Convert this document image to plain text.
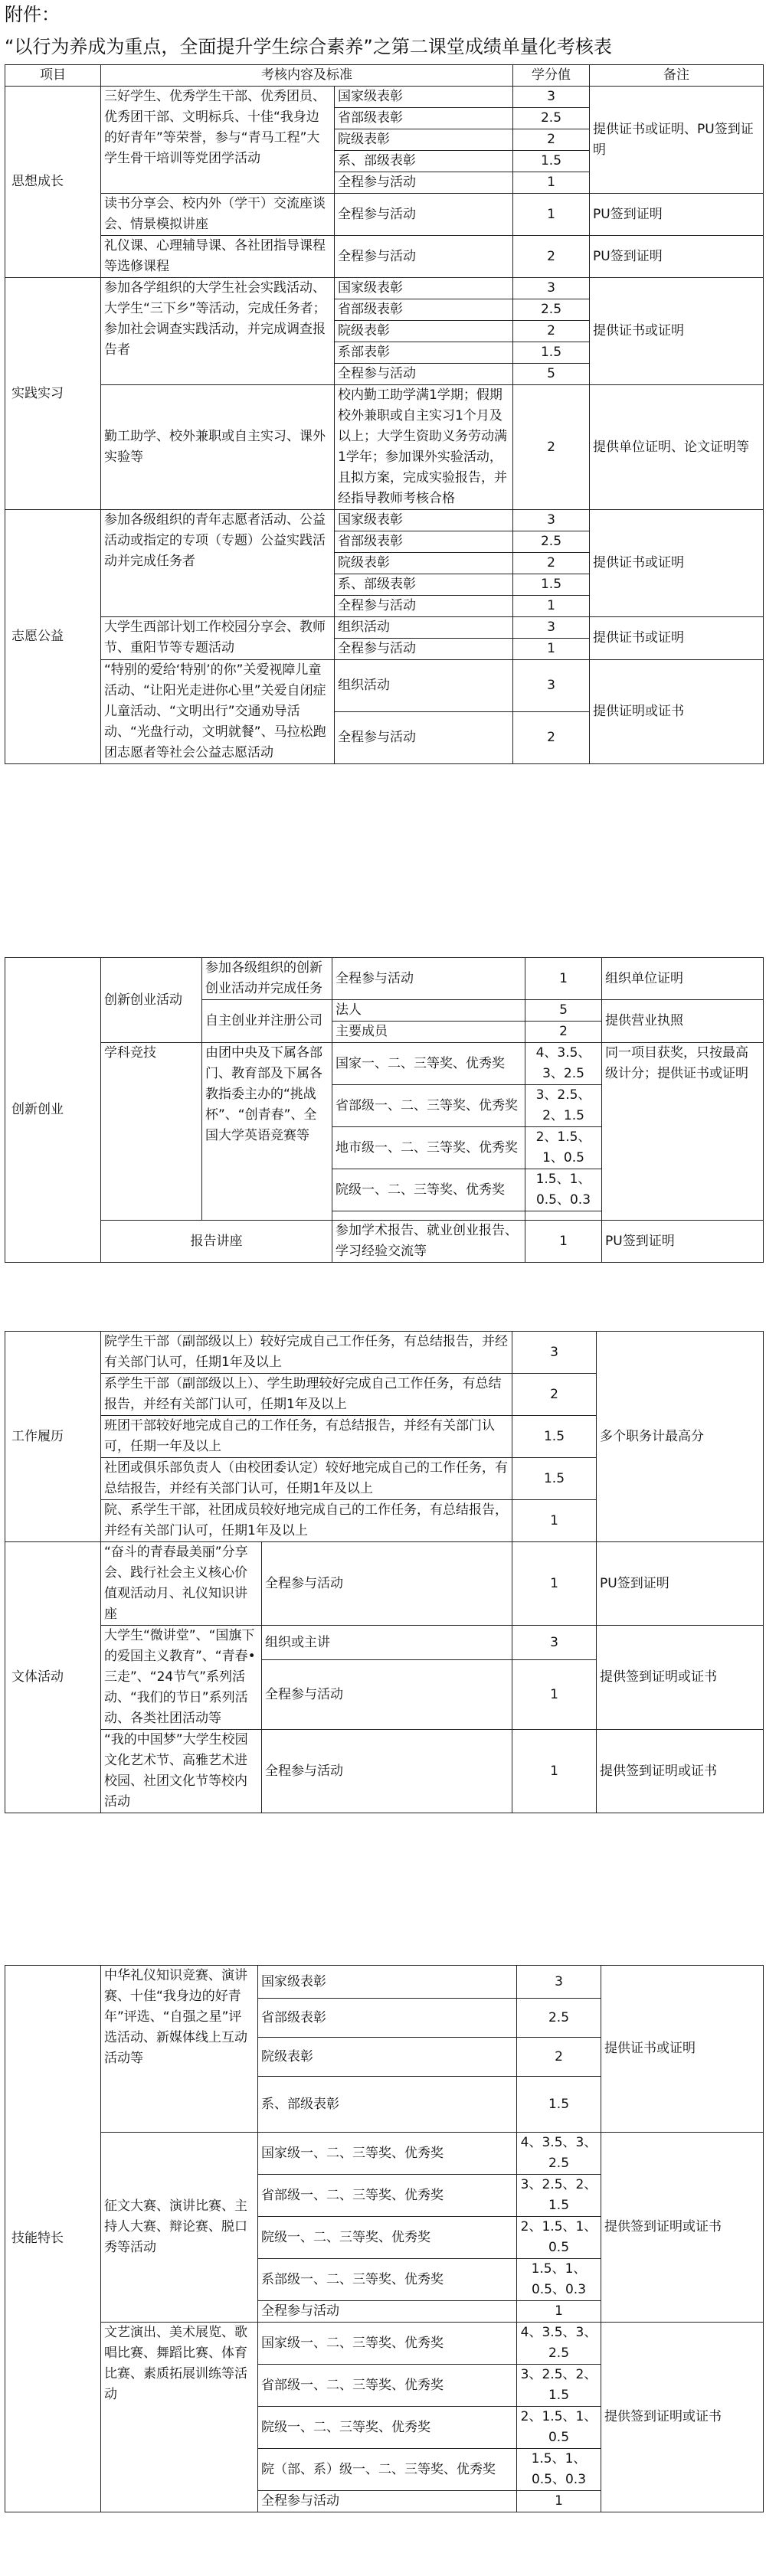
附件：
“以行为养成为重点，全面提升学生综合素养”之第二课堂成绩单量化考核表
项目	考核内容及标准		学分值	备注
思想成长	三好学生、优秀学生干部、优秀团员、优秀团干部、文明标兵、十佳“我身边的好青年”等荣誉，参与“青马工程”大学生骨干培训等党团学活动	国家级表彰	3	提供证书或证明、PU签到证明
		省部级表彰	2.5	
		院级表彰	2	
		系、部级表彰	1.5	
		全程参与活动	1	
	读书分享会、校内外（学干）交流座谈会、情景模拟讲座	全程参与活动	1	PU签到证明
	礼仪课、心理辅导课、各社团指导课程等选修课程	全程参与活动	2	PU签到证明
实践实习	参加各学组织的大学生社会实践活动、大学生“三下乡”等活动，完成任务者；参加社会调查实践活动，并完成调查报告者	国家级表彰	3	提供证书或证明
		省部级表彰	2.5	
		院级表彰	2	
		系部表彰	1.5	
		全程参与活动	5	
	勤工助学、校外兼职或自主实习、课外实验等	校内勤工助学满1学期；假期校外兼职或自主实习1个月及以上；大学生资助义务劳动满1学年；参加课外实验活动，且拟方案，完成实验报告，并经指导教师考核合格	2	提供单位证明、论文证明等
志愿公益	参加各级组织的青年志愿者活动、公益活动或指定的专项（专题）公益实践活动并完成任务者	国家级表彰	3	提供证书或证明
		省部级表彰	2.5	
		院级表彰	2	
		系、部级表彰	1.5	
		全程参与活动	1	
	大学生西部计划工作校园分享会、教师节、重阳节等专题活动	组织活动	3	提供证书或证明
		全程参与活动	1	
	“特别的爱给‘特别’的你”关爱视障儿童活动、“让阳光走进你心里”关爱自闭症儿童活动、“文明出行”交通劝导活动、“光盘行动，文明就餐”、马拉松跑团志愿者等社会公益志愿活动	组织活动	3	提供证明或证书
		全程参与活动	2	
创新创业	创新创业活动	参加各级组织的创新创业活动并完成任务	全程参与活动	1	组织单位证明
		自主创业并注册公司	法人	5	提供营业执照
			主要成员	2	
	学科竞技	由团中央及下属各部门、教育部及下属各教指委主办的“挑战杯”、“创青春”、全国大学英语竞赛等	国家一、二、三等奖、优秀奖	4、3.5、3、2.5	同一项目获奖，只按最高级计分；提供证书或证明
			省部级一、二、三等奖、优秀奖	3、2.5、2、1.5	
			地市级一、二、三等奖、优秀奖	2、1.5、1、0.5	
			院级一、二、三等奖、优秀奖	1.5、1、0.5、0.3	

	报告讲座		参加学术报告、就业创业报告、学习经验交流等	1	PU签到证明
工作履历	院学生干部（副部级以上）较好完成自己工作任务，有总结报告，并经有关部门认可，任期1年及以上		3	多个职务计最高分
	系学生干部（副部级以上）、学生助理较好完成自己工作任务，有总结报告，并经有关部门认可，任期1年及以上		2	
	班团干部较好地完成自己的工作任务，有总结报告，并经有关部门认可，任期一年及以上		1.5	
	社团或俱乐部负责人（由校团委认定）较好地完成自己的工作任务，有总结报告，并经有关部门认可，任期1年及以上		1.5	
	院、系学生干部，社团成员较好地完成自己的工作任务，有总结报告，并经有关部门认可，任期1年及以上		1	
文体活动	“奋斗的青春最美丽”分享会、践行社会主义核心价值观活动月、礼仪知识讲座	全程参与活动	1	PU签到证明
	大学生“微讲堂”、“国旗下的爱国主义教育”、“青春•三走”、“24节气”系列活动、“我们的节日”系列活动、各类社团活动等	组织或主讲	3	提供签到证明或证书
		全程参与活动	1	
	“我的中国梦”大学生校园文化艺术节、高雅艺术进校园、社团文化节等校内活动	全程参与活动	1	提供签到证明或证书
技能特长	中华礼仪知识竞赛、演讲赛、十佳“我身边的好青年”评选、“自强之星”评选活动、新媒体线上互动活动等	国家级表彰	3	提供证书或证明
		省部级表彰	2.5	
		院级表彰	2	
		系、部级表彰	1.5	
	征文大赛、演讲比赛、主持人大赛、辩论赛、脱口秀等活动	国家级一、二、三等奖、优秀奖	4、3.5、3、2.5	提供签到证明或证书
		省部级一、二、三等奖、优秀奖	3、2.5、2、1.5	
		院级一、二、三等奖、优秀奖	2、1.5、1、0.5	
		系部级一、二、三等奖、优秀奖	1.5、1、0.5、0.3	
		全程参与活动	1	
	文艺演出、美术展览、歌唱比赛、舞蹈比赛、体育比赛、素质拓展训练等活动	国家级一、二、三等奖、优秀奖	4、3.5、3、2.5	提供签到证明或证书
		省部级一、二、三等奖、优秀奖	3、2.5、2、1.5	
		院级一、二、三等奖、优秀奖	2、1.5、1、0.5	
		院（部、系）级一、二、三等奖、优秀奖	1.5、1、0.5、0.3	
		全程参与活动	1	
